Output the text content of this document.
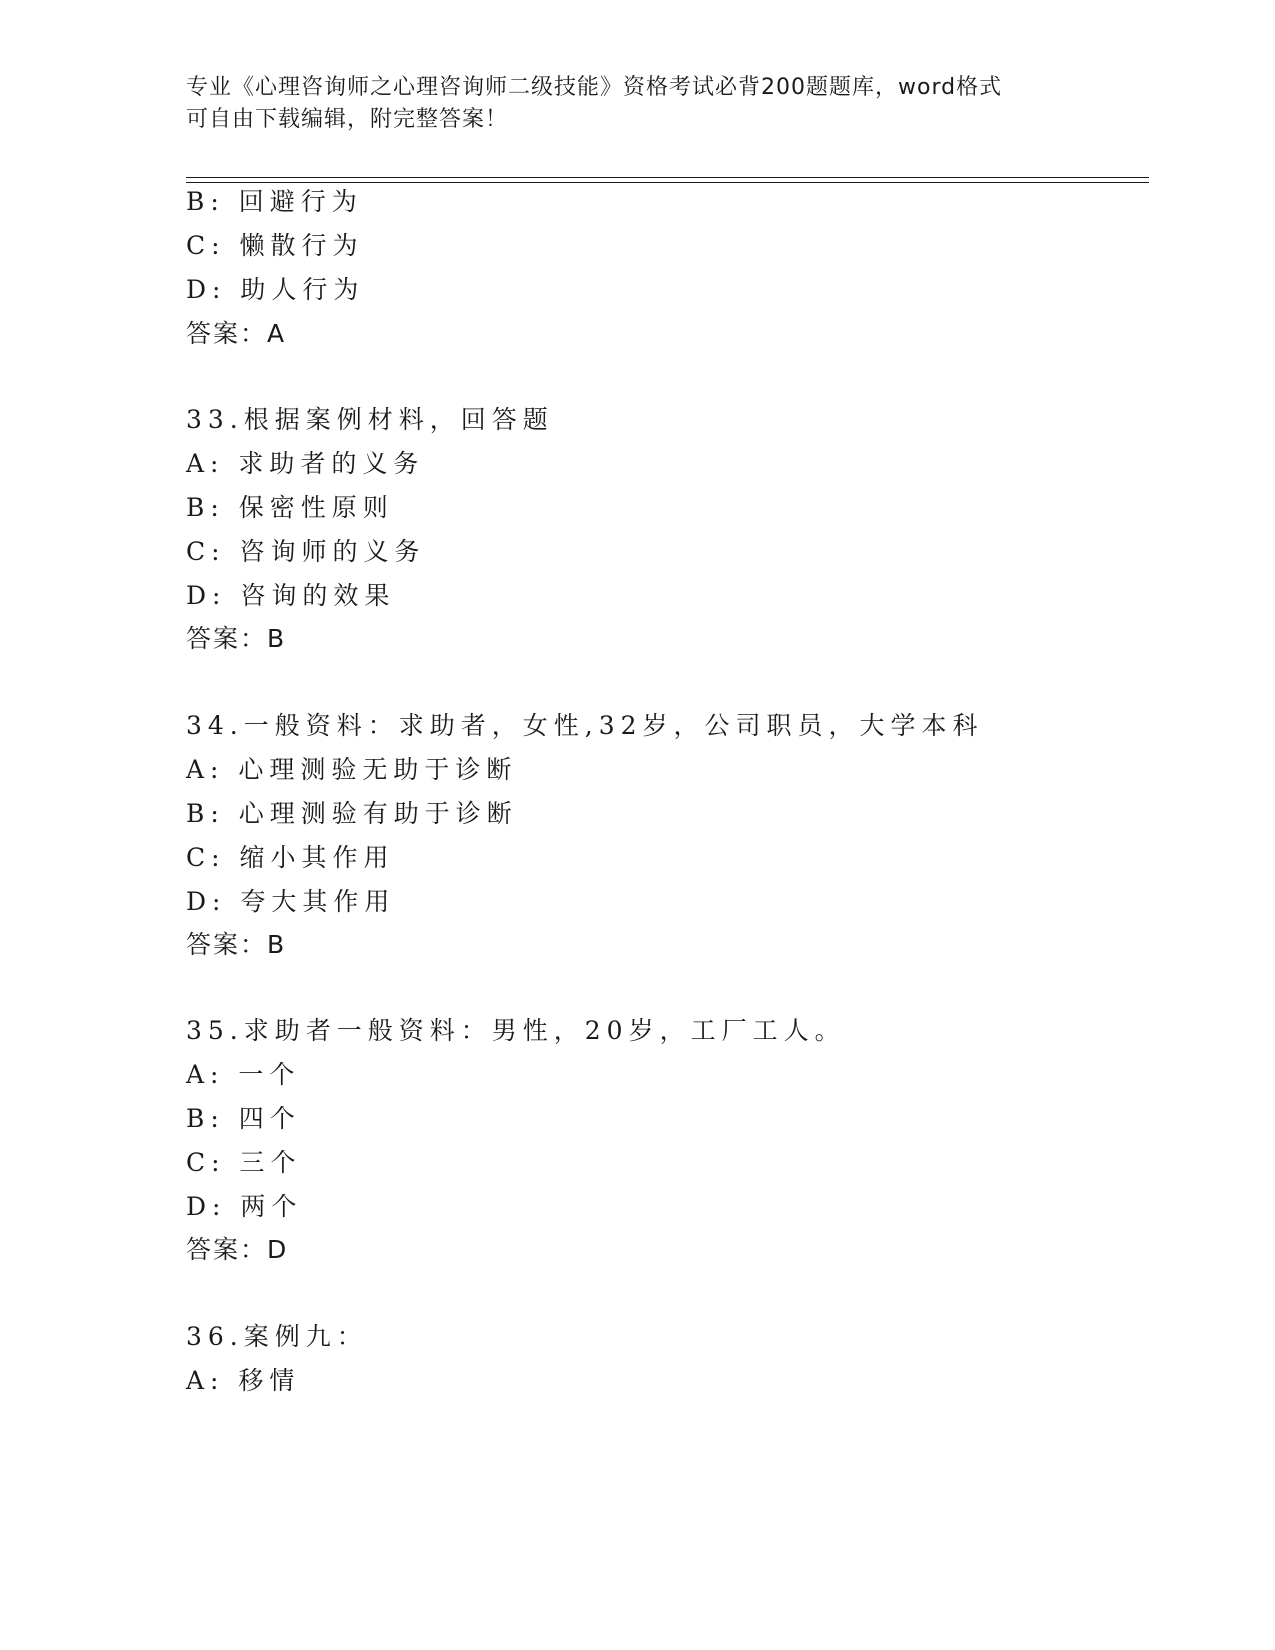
专业《心理咨询师之心理咨询师二级技能》资格考试必背200题题库，word格式
可自由下载编辑，附完整答案！
B: 回避行为
C: 懒散行为
D: 助人行为
答案：A
33.根据案例材料，回答题
A: 求助者的义务
B: 保密性原则
C: 咨询师的义务
D: 咨询的效果
答案：B
34.一般资料：求助者，女性,32岁，公司职员，大学本科
A: 心理测验无助于诊断
B: 心理测验有助于诊断
C: 缩小其作用
D: 夸大其作用
答案：B
35.求助者一般资料：男性，20岁，工厂工人。
A: 一个
B: 四个
C: 三个
D: 两个
答案：D
36.案例九：
A: 移情
